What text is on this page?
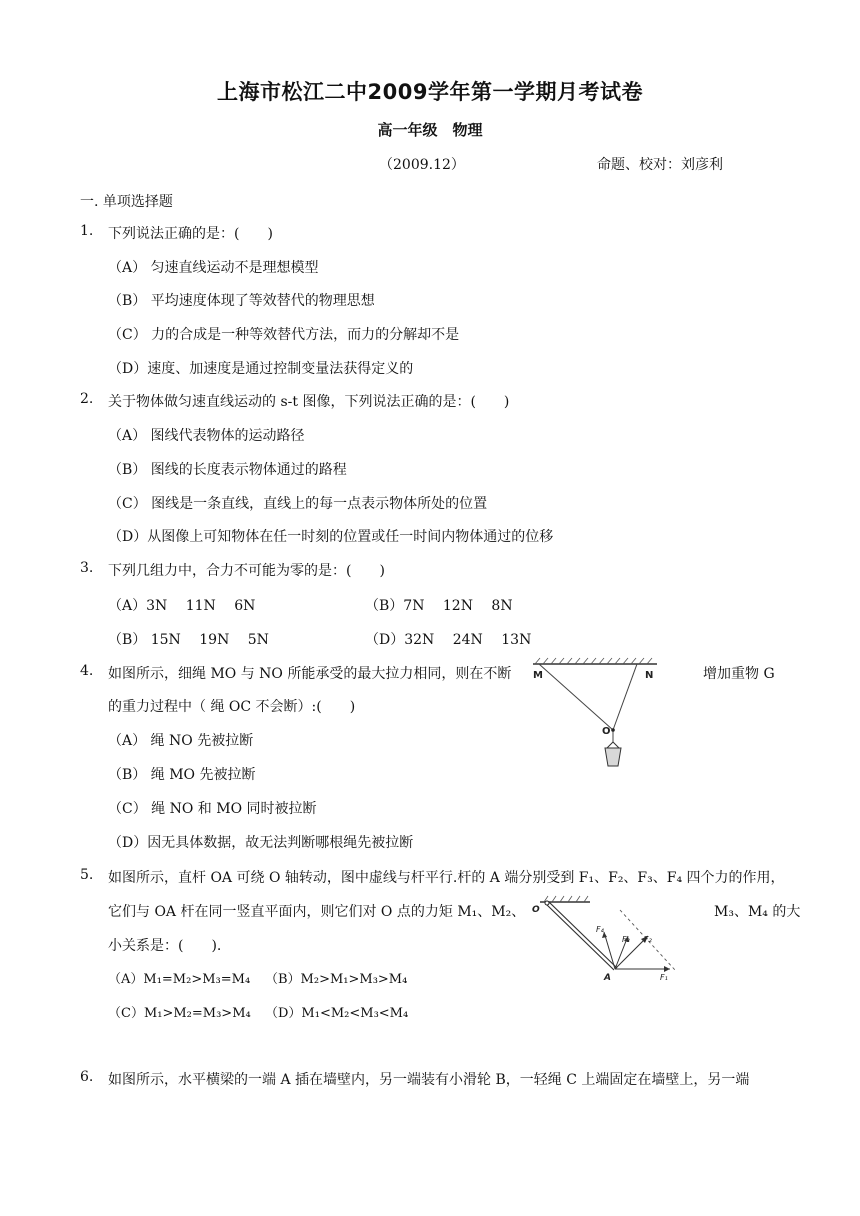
上海市松江二中2009学年第一学期月考试卷
高一年级　物理
（2009.12）	命题、校对：刘彦利
一. 单项选择题
1. 下列说法正确的是：(　　)
（A） 匀速直线运动不是理想模型
（B） 平均速度体现了等效替代的物理思想
（C） 力的合成是一种等效替代方法，而力的分解却不是
（D）速度、加速度是通过控制变量法获得定义的
2. 关于物体做匀速直线运动的 s-t 图像，下列说法正确的是：(　　)
（A） 图线代表物体的运动路径
（B） 图线的长度表示物体通过的路程
（C） 图线是一条直线，直线上的每一点表示物体所处的位置
（D）从图像上可知物体在任一时刻的位置或任一时间内物体通过的位移
3. 下列几组力中，合力不可能为零的是：(　　)
（A）3N　 11N　 6N	（B）7N　 12N　 8N
（B） 15N　 19N　 5N	（D）32N　 24N　 13N
4. 如图所示，细绳 MO 与 NO 所能承受的最大拉力相同，则在不断	增加重物 G
的重力过程中（ 绳 OC 不会断）:(　　)
（A） 绳 NO 先被拉断
（B） 绳 MO 先被拉断
（C） 绳 NO 和 MO 同时被拉断
（D）因无具体数据，故无法判断哪根绳先被拉断
M	N
O
5. 如图所示，直杆 OA 可绕 O 轴转动，图中虚线与杆平行.杆的 A 端分别受到 F₁、F₂、F₃、F₄ 四个力的作用，
它们与 OA 杆在同一竖直平面内，则它们对 O 点的力矩 M₁、M₂、	M₃、M₄ 的大
小关系是：(　　).
（A）M₁=M₂>M₃=M₄ （B）M₂>M₁>M₃>M₄
（C）M₁>M₂=M₃>M₄ （D）M₁<M₂<M₃<M₄
O
A	F₁
F₂
F₃
F₄
6. 如图所示，水平横梁的一端 A 插在墙壁内，另一端装有小滑轮 B，一轻绳 C 上端固定在墙壁上，另一端
